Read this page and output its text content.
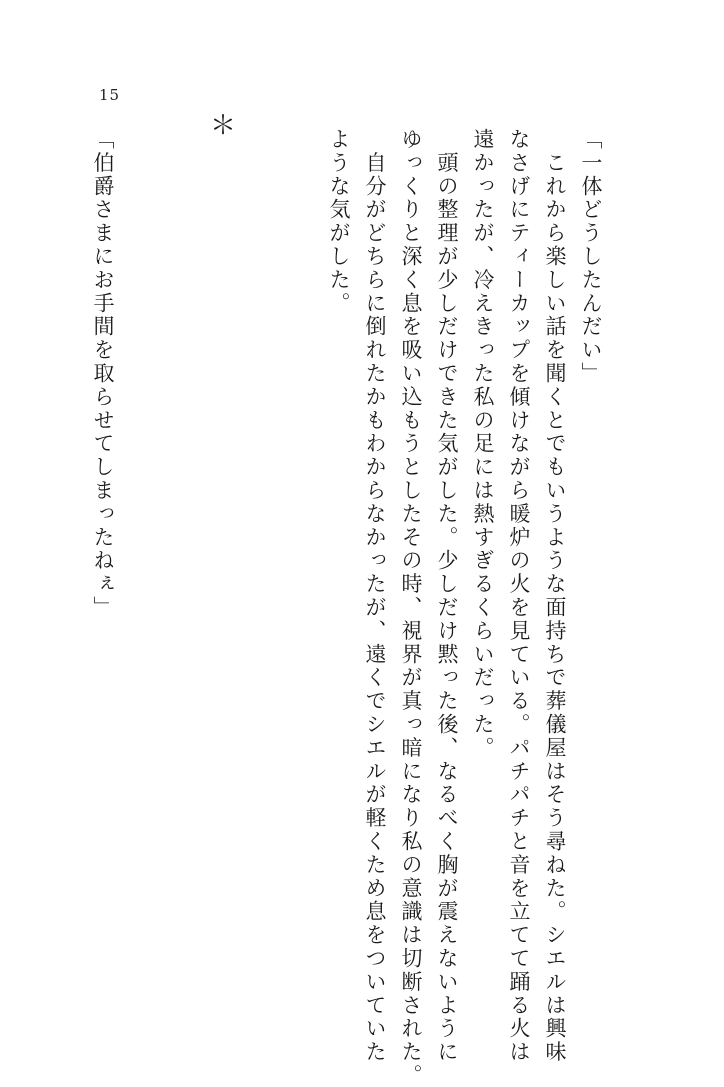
15
「一体どうしたんだい」
　これから楽しい話を聞くとでもいうような面持ちで葬儀屋はそう尋ねた。シエルは興味
なさげにティーカップを傾けながら暖炉の火を見ている。パチパチと音を立てて踊る火は
遠かったが、冷えきった私の足には熱すぎるくらいだった。
　頭の整理が少しだけできた気がした。少しだけ黙った後、なるべく胸が震えないように
ゆっくりと深く息を吸い込もうとしたその時、視界が真っ暗になり私の意識は切断された。
　自分がどちらに倒れたかもわからなかったが、遠くでシエルが軽くため息をついていた
ような気がした。
＊
「伯爵さまにお手間を取らせてしまったねぇ」
